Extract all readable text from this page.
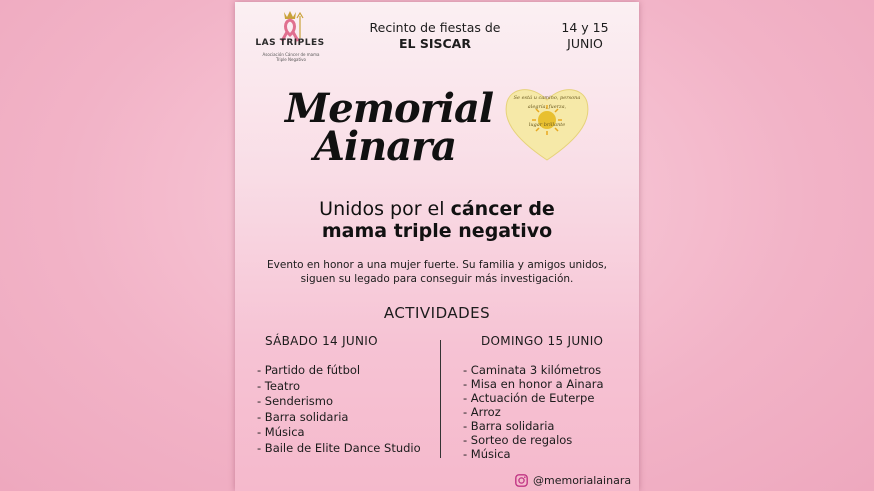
LAS TRIPLES
Asociación Cáncer de mama
Triple Negativo
Recinto de fiestas de
EL SISCAR
14 y 15
JUNIO
Memorial
Ainara
Se está u camino, persona
alegría, fuerza,

lugar brillante
Unidos por el cáncer de
mama triple negativo
Evento en honor a una mujer fuerte. Su familia y amigos unidos,
siguen su legado para conseguir más investigación.
ACTIVIDADES
SÁBADO 14 JUNIO	DOMINGO 15 JUNIO
- Partido de fútbol
- Teatro
- Senderismo
- Barra solidaria
- Música
- Baile de Elite Dance Studio
- Caminata 3 kilómetros
- Misa en honor a Ainara
- Actuación de Euterpe
- Arroz
- Barra solidaria
- Sorteo de regalos
- Música
@memorialainara
